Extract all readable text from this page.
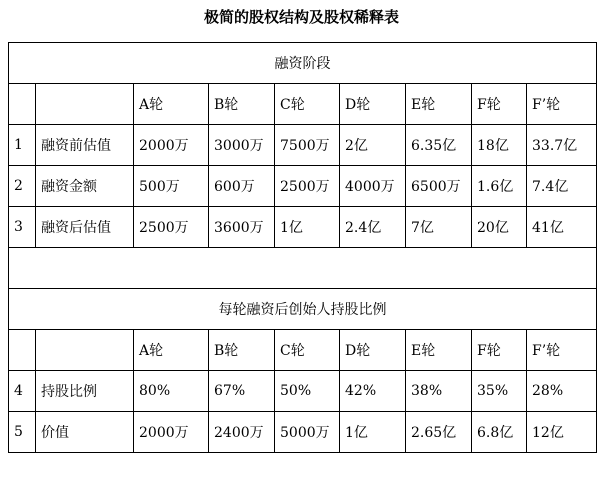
极简的股权结构及股权稀释表
融资阶段								
		A轮	B轮	C轮	D轮	E轮	F轮	F’轮
1	融资前估值	2000万	3000万	7500万	2亿	6.35亿	18亿	33.7亿
2	融资金额	500万	600万	2500万	4000万	6500万	1.6亿	7.4亿
3	融资后估值	2500万	3600万	1亿	2.4亿	7亿	20亿	41亿

每轮融资后创始人持股比例								
		A轮	B轮	C轮	D轮	E轮	F轮	F’轮
4	持股比例	80%	67%	50%	42%	38%	35%	28%
5	价值	2000万	2400万	5000万	1亿	2.65亿	6.8亿	12亿
